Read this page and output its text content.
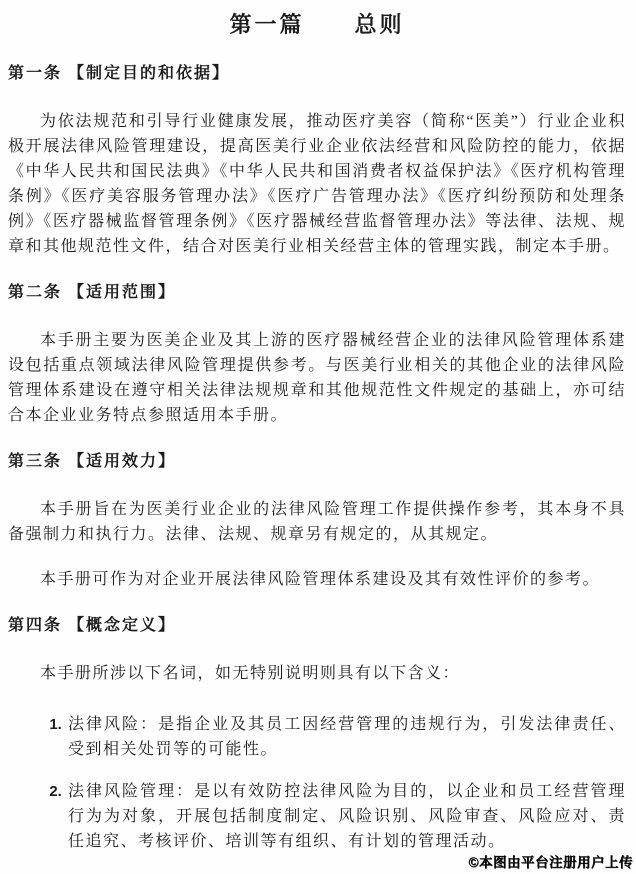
第一篇　　总则
第一条 【制定目的和依据】

为依法规范和引导行业健康发展，推动医疗美容（简称“医美”）行业企业积极开展法律风险管理建设，提高医美行业企业依法经营和风险防控的能力，依据《中华人民共和国民法典》《中华人民共和国消费者权益保护法》《医疗机构管理条例》《医疗美容服务管理办法》《医疗广告管理办法》《医疗纠纷预防和处理条例》《医疗器械监督管理条例》《医疗器械经营监督管理办法》等法律、法规、规章和其他规范性文件，结合对医美行业相关经营主体的管理实践，制定本手册。

第二条 【适用范围】

本手册主要为医美企业及其上游的医疗器械经营企业的法律风险管理体系建设包括重点领域法律风险管理提供参考。与医美行业相关的其他企业的法律风险管理体系建设在遵守相关法律法规规章和其他规范性文件规定的基础上，亦可结合本企业业务特点参照适用本手册。

第三条 【适用效力】

本手册旨在为医美行业企业的法律风险管理工作提供操作参考，其本身不具备强制力和执行力。法律、法规、规章另有规定的，从其规定。

本手册可作为对企业开展法律风险管理体系建设及其有效性评价的参考。

第四条 【概念定义】

本手册所涉以下名词，如无特别说明则具有以下含义：

1. 法律风险：是指企业及其员工因经营管理的违规行为，引发法律责任、受到相关处罚等的可能性。
2. 法律风险管理：是以有效防控法律风险为目的，以企业和员工经营管理行为为对象，开展包括制度制定、风险识别、风险审查、风险应对、责任追究、考核评价、培训等有组织、有计划的管理活动。
©本图由平台注册用户上传
